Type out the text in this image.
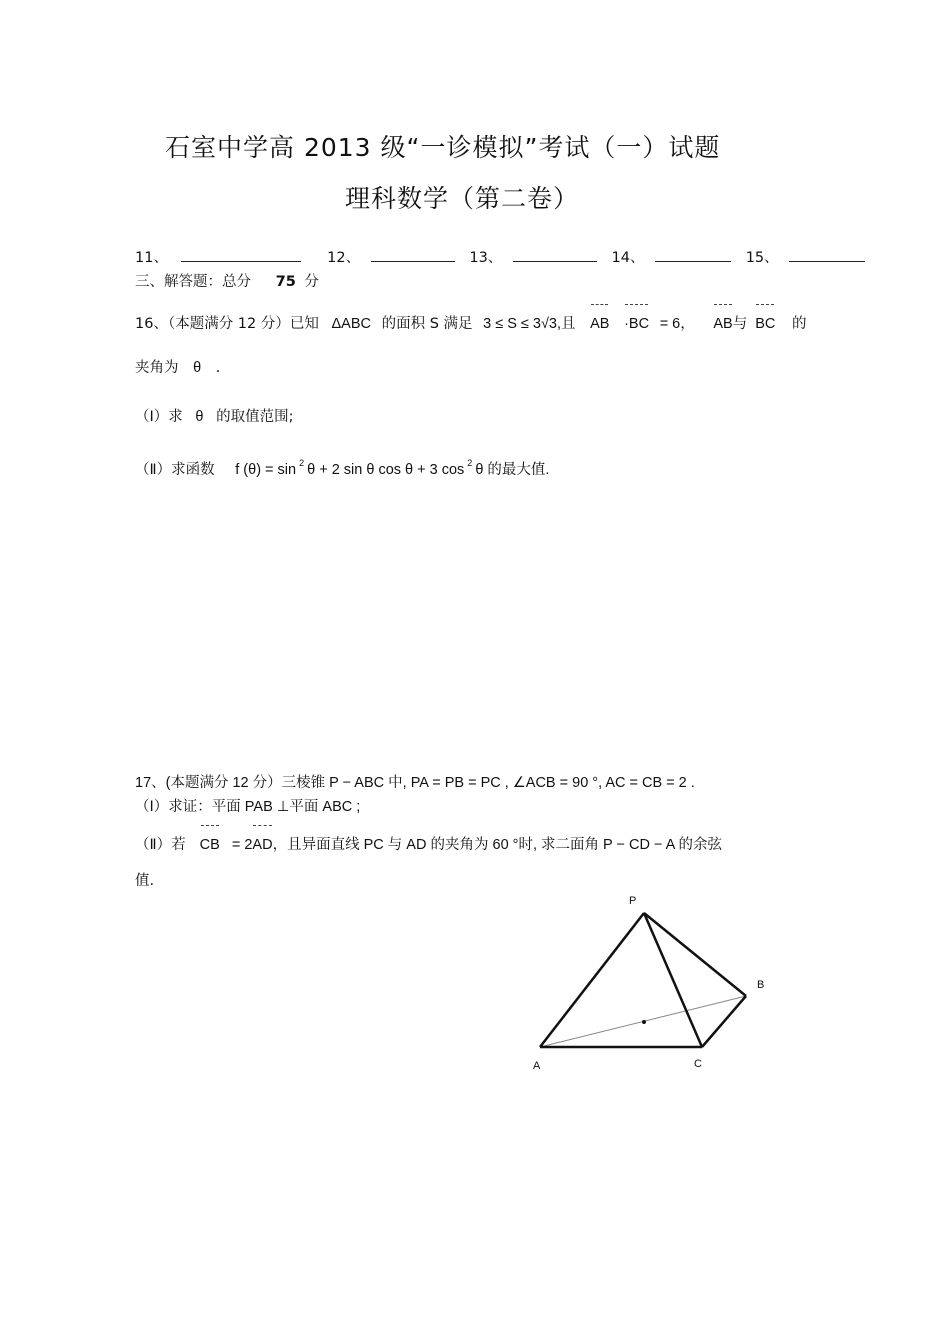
石室中学高 2013 级“一诊模拟”考试（一）试题
理科数学（第二卷）
11、	12、	13、	14、	15、
三、解答题：总分 75 分
16、（本题满分 12 分）已知 ΔABC 的面积 S 满足 3 ≤ S ≤ 3√3,且 AB ·BC = 6， AB与 BC 的
夹角为 θ .
（Ⅰ）求 θ 的取值范围;
（Ⅱ）求函数 f (θ) = sin $^2$ θ + 2 sin θ cos θ + 3 cos $^2$ θ 的最大值.
17、(本题满分 12 分）三棱锥 P − ABC 中, PA = PB = PC , ∠ACB = 90 °, AC = CB = 2 .
（Ⅰ）求证：平面 PAB ⊥平面 ABC ;
（Ⅱ）若 CB = 2AD，且异面直线 PC 与 AD 的夹角为 60 °时, 求二面角 P − CD − A 的余弦
值.
P
A
B
C
